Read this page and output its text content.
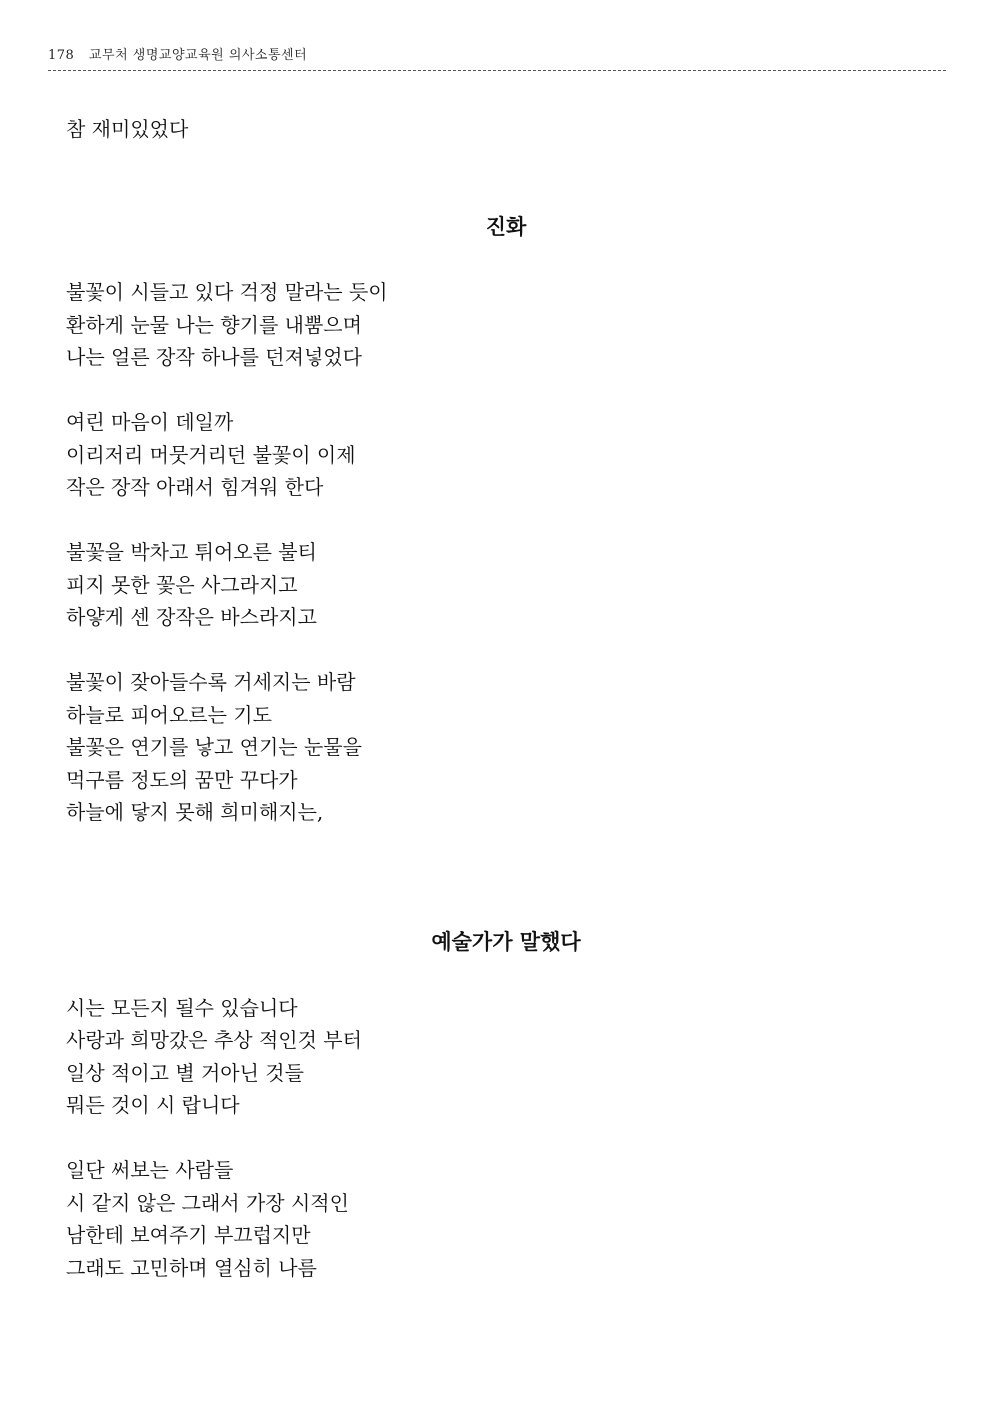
178 교무처 생명교양교육원 의사소통센터
참 재미있었다
진화
불꽃이 시들고 있다 걱정 말라는 듯이
환하게 눈물 나는 향기를 내뿜으며
나는 얼른 장작 하나를 던져넣었다
여린 마음이 데일까
이리저리 머뭇거리던 불꽃이 이제
작은 장작 아래서 힘겨워 한다
불꽃을 박차고 튀어오른 불티
피지 못한 꽃은 사그라지고
하얗게 센 장작은 바스라지고
불꽃이 잦아들수록 거세지는 바람
하늘로 피어오르는 기도
불꽃은 연기를 낳고 연기는 눈물을
먹구름 정도의 꿈만 꾸다가
하늘에 닿지 못해 희미해지는,
예술가가 말했다
시는 모든지 될수 있습니다
사랑과 희망갔은 추상 적인것 부터
일상 적이고 별 거아닌 것들
뭐든 것이 시 랍니다
일단 써보는 사람들
시 같지 않은 그래서 가장 시적인
남한테 보여주기 부끄럽지만
그래도 고민하며 열심히 나름
